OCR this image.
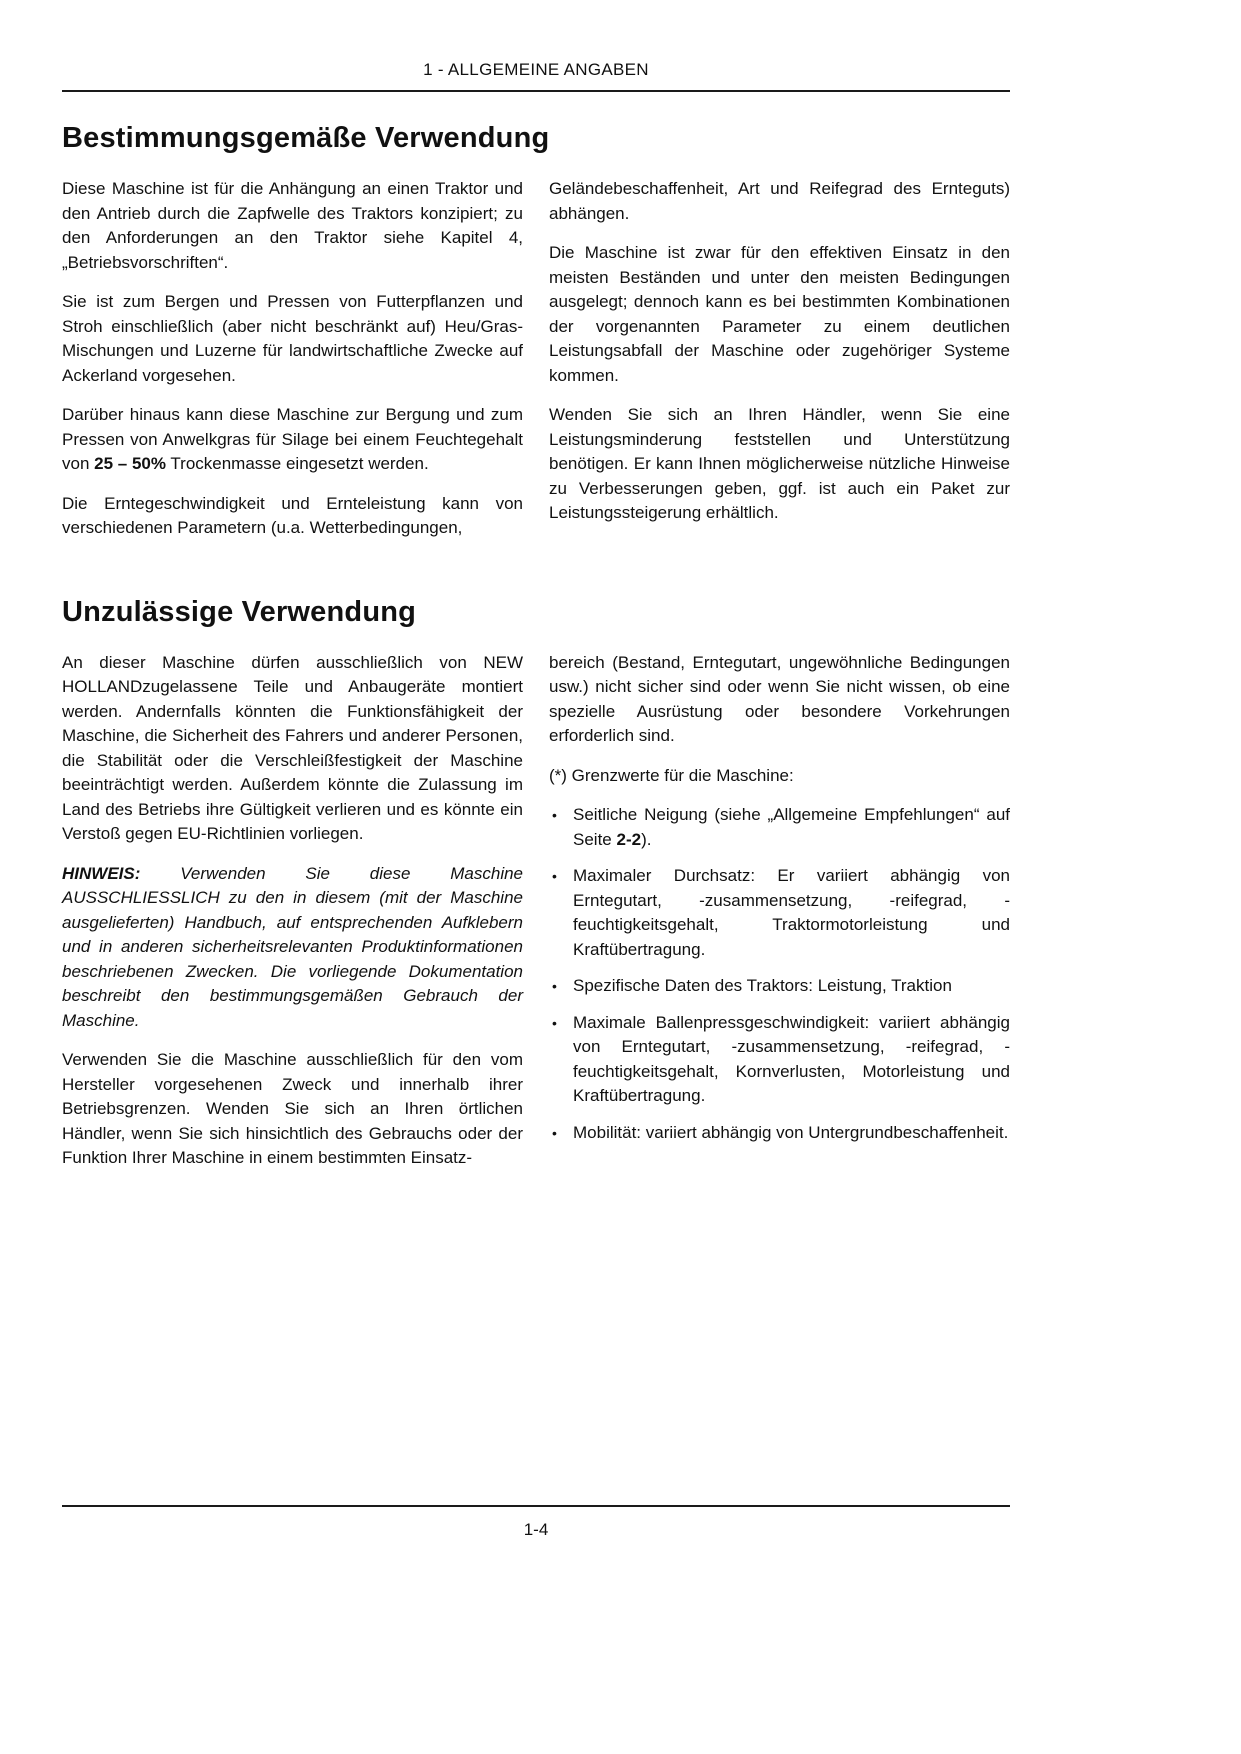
1 - ALLGEMEINE ANGABEN
Bestimmungsgemäße Verwendung

Diese Maschine ist für die Anhängung an einen Traktor und den Antrieb durch die Zapfwelle des Traktors konzipiert; zu den Anforderungen an den Traktor siehe Kapitel 4, „Betriebsvorschriften“.

Sie ist zum Bergen und Pressen von Futterpflanzen und Stroh einschließlich (aber nicht beschränkt auf) Heu/Gras-Mischungen und Luzerne für landwirtschaftliche Zwecke auf Ackerland vorgesehen.

Darüber hinaus kann diese Maschine zur Bergung und zum Pressen von Anwelkgras für Silage bei einem Feuchtegehalt von 25 – 50% Trockenmasse eingesetzt werden.

Die Erntegeschwindigkeit und Ernteleistung kann von verschiedenen Parametern (u.a. Wetterbedingungen,

Geländebeschaffenheit, Art und Reifegrad des Ernteguts) abhängen.

Die Maschine ist zwar für den effektiven Einsatz in den meisten Beständen und unter den meisten Bedingungen ausgelegt; dennoch kann es bei bestimmten Kombinationen der vorgenannten Parameter zu einem deutlichen Leistungsabfall der Maschine oder zugehöriger Systeme kommen.

Wenden Sie sich an Ihren Händler, wenn Sie eine Leistungsminderung feststellen und Unterstützung benötigen. Er kann Ihnen möglicherweise nützliche Hinweise zu Verbesserungen geben, ggf. ist auch ein Paket zur Leistungssteigerung erhältlich.

Unzulässige Verwendung

An dieser Maschine dürfen ausschließlich von NEW HOLLANDzugelassene Teile und Anbaugeräte montiert werden. Andernfalls könnten die Funktionsfähigkeit der Maschine, die Sicherheit des Fahrers und anderer Personen, die Stabilität oder die Verschleißfestigkeit der Maschine beeinträchtigt werden. Außerdem könnte die Zulassung im Land des Betriebs ihre Gültigkeit verlieren und es könnte ein Verstoß gegen EU-Richtlinien vorliegen.

HINWEIS: Verwenden Sie diese Maschine AUSSCHLIESSLICH zu den in diesem (mit der Maschine ausgelieferten) Handbuch, auf entsprechenden Aufklebern und in anderen sicherheitsrelevanten Produktinformationen beschriebenen Zwecken. Die vorliegende Dokumentation beschreibt den bestimmungsgemäßen Gebrauch der Maschine.

Verwenden Sie die Maschine ausschließlich für den vom Hersteller vorgesehenen Zweck und innerhalb ihrer Betriebsgrenzen. Wenden Sie sich an Ihren örtlichen Händler, wenn Sie sich hinsichtlich des Gebrauchs oder der Funktion Ihrer Maschine in einem bestimmten Einsatz-

bereich (Bestand, Erntegutart, ungewöhnliche Bedingungen usw.) nicht sicher sind oder wenn Sie nicht wissen, ob eine spezielle Ausrüstung oder besondere Vorkehrungen erforderlich sind.

(*) Grenzwerte für die Maschine:

• Seitliche Neigung (siehe „Allgemeine Empfehlungen“ auf Seite 2-2).
• Maximaler Durchsatz: Er variiert abhängig von Erntegutart, -zusammensetzung, -reifegrad, -feuchtigkeitsgehalt, Traktormotorleistung und Kraftübertragung.
• Spezifische Daten des Traktors: Leistung, Traktion
• Maximale Ballenpressgeschwindigkeit: variiert abhängig von Erntegutart, -zusammensetzung, -reifegrad, -feuchtigkeitsgehalt, Kornverlusten, Motorleistung und Kraftübertragung.
• Mobilität: variiert abhängig von Untergrundbeschaffenheit.
1-4
